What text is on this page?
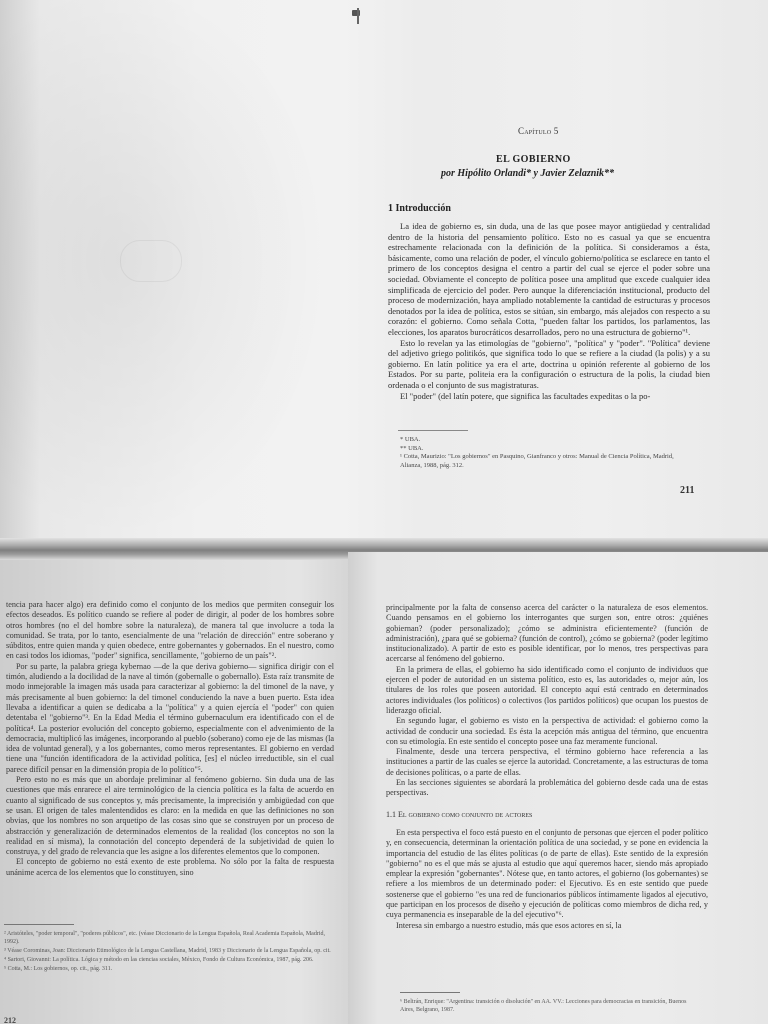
Capítulo 5
EL GOBIERNO
por Hipólito Orlandi* y Javier Zelaznik**
1 Introducción
La idea de gobierno es, sin duda, una de las que posee mayor antigüedad y centralidad dentro de la historia del pensamiento político. Esto no es casual ya que se encuentra estrechamente relacionada con la definición de la política. Si consideramos a ésta, básicamente, como una relación de poder, el vínculo gobierno/política se esclarece en tanto el primero de los conceptos designa el centro a partir del cual se ejerce el poder sobre una sociedad. Obviamente el concepto de política posee una amplitud que excede cualquier idea simplificada de ejercicio del poder. Pero aunque la diferenciación institucional, producto del proceso de modernización, haya ampliado notablemente la cantidad de estructuras y procesos denotados por la idea de política, estos se sitúan, sin embargo, más alejados con respecto a su corazón: el gobierno. Como señala Cotta, "pueden faltar los partidos, los parlamentos, las elecciones, los aparatos burocráticos desarrollados, pero no una estructura de gobierno"¹.
Esto lo revelan ya las etimologías de "gobierno", "política" y "poder". "Política" deviene del adjetivo griego politikós, que significa todo lo que se refiere a la ciudad (la polis) y a su gobierno. En latín politice ya era el arte, doctrina u opinión referente al gobierno de los Estados. Por su parte, politeia era la configuración o estructura de la polis, la ciudad bien ordenada o el conjunto de sus magistraturas.
El "poder" (del latín potere, que significa las facultades expeditas o la po-

* UBA.

** UBA.

¹ Cotta, Maurizio: "Los gobiernos" en Pasquino, Gianfranco y otros: Manual de Ciencia Política, Madrid, Alianza, 1988, pág. 312.

211

tencia para hacer algo) era definido como el conjunto de los medios que permiten conseguir los efectos deseados. Es político cuando se refiere al poder de dirigir, al poder de los hombres sobre otros hombres (no el del hombre sobre la naturaleza), de manera tal que involucre a toda la comunidad. Se trata, por lo tanto, esencialmente de una "relación de dirección" entre soberano y súbditos, entre quien manda y quien obedece, entre gobernantes y gobernados. En el nuestro, como en casi todos los idiomas, "poder" significa, sencillamente, "gobierno de un país"².

Por su parte, la palabra griega kybernao —de la que deriva gobierno— significa dirigir con el timón, aludiendo a la docilidad de la nave al timón (gobernalle o gobernallo). Esta raíz transmite de modo inmejorable la imagen más usada para caracterizar al gobierno: la del timonel de la nave, y más precisamente al buen gobierno: la del timonel conduciendo la nave a buen puerto. Esta idea llevaba a identificar a quien se dedicaba a la "política" y a quien ejercía el "poder" con quien detentaba el "gobierno"³. En la Edad Media el término gubernaculum era identificado con el de política⁴. La posterior evolución del concepto gobierno, especialmente con el advenimiento de la democracia, multiplicó las imágenes, incorporando al pueblo (soberano) como eje de las mismas (la idea de voluntad general), y a los gobernantes, como meros representantes. El gobierno en verdad tiene una "función identificadora de la actividad política, [es] el núcleo irreductible, sin el cual parece difícil pensar en la dimensión propia de lo político"⁵.

Pero esto no es más que un abordaje preliminar al fenómeno gobierno. Sin duda una de las cuestiones que más enrarece el aire terminológico de la ciencia política es la falta de acuerdo en cuanto al significado de sus conceptos y, más precisamente, la imprecisión y ambigüedad con que se usan. El origen de tales malentendidos es claro: en la medida en que las definiciones no son obvias, que los nombres no son arquetipo de las cosas sino que se construyen por un proceso de abstracción y generalización de determinados elementos de la realidad (los conceptos no son la realidad en sí misma), la connotación del concepto dependerá de la subjetividad de quien lo construya, y del grado de relevancia que les asigne a los diferentes elementos que lo componen.

El concepto de gobierno no está exento de este problema. No sólo por la falta de respuesta unánime acerca de los elementos que lo constituyen, sino

² Aristóteles, "poder temporal", "poderes públicos", etc. (véase Diccionario de la Lengua Española, Real Academia Española, Madrid, 1992).

³ Véase Corominas, Joan: Diccionario Etimológico de la Lengua Castellana, Madrid, 1983 y Diccionario de la Lengua Española, op. cit.

⁴ Sartori, Giovanni: La política. Lógica y método en las ciencias sociales, México, Fondo de Cultura Económica, 1987, pág. 206.

⁵ Cotta, M.: Los gobiernos, op. cit., pág. 311.

212

principalmente por la falta de consenso acerca del carácter o la naturaleza de esos elementos. Cuando pensamos en el gobierno los interrogantes que surgen son, entre otros: ¿quiénes gobiernan? (poder personalizado); ¿cómo se administra eficientemente? (función de administración), ¿para qué se gobierna? (función de control), ¿cómo se gobierna? (poder legítimo institucionalizado). A partir de esto es posible identificar, por lo menos, tres perspectivas para acercarse al fenómeno del gobierno.

En la primera de ellas, el gobierno ha sido identificado como el conjunto de individuos que ejercen el poder de autoridad en un sistema político, esto es, las autoridades o, mejor aún, los titulares de los roles que poseen autoridad. El concepto aquí está centrado en determinados actores individuales (los políticos) o colectivos (los partidos políticos) que ocupan los puestos de liderazgo oficial.

En segundo lugar, el gobierno es visto en la perspectiva de actividad: el gobierno como la actividad de conducir una sociedad. Es ésta la acepción más antigua del término, que encuentra con su etimología. En este sentido el concepto posee una faz meramente funcional.

Finalmente, desde una tercera perspectiva, el término gobierno hace referencia a las instituciones a partir de las cuales se ejerce la autoridad. Concretamente, a las estructuras de toma de decisiones políticas, o a parte de ellas.

En las secciones siguientes se abordará la problemática del gobierno desde cada una de estas perspectivas.

1.1 El gobierno como conjunto de actores

En esta perspectiva el foco está puesto en el conjunto de personas que ejercen el poder político y, en consecuencia, determinan la orientación política de una sociedad, y se pone en evidencia la importancia del estudio de las élites políticas (o de parte de ellas). Este sentido de la expresión "gobierno" no es el que más se ajusta al estudio que aquí queremos hacer, siendo más apropiado emplear la expresión "gobernantes". Nótese que, en tanto actores, el gobierno (los gobernantes) se refiere a los miembros de un determinado poder: el Ejecutivo. Es en este sentido que puede sostenerse que el gobierno "es una red de funcionarios públicos íntimamente ligados al ejecutivo, que participan en los procesos de diseño y ejecución de políticas como miembros de dicha red, y cuya permanencia es inseparable de la del ejecutivo"⁶.

Interesa sin embargo a nuestro estudio, más que esos actores en sí, la

⁶ Beltrán, Enrique: "Argentina: transición o disolución" en AA. VV.: Lecciones para democracias en transición, Buenos Aires, Belgrano, 1987.
